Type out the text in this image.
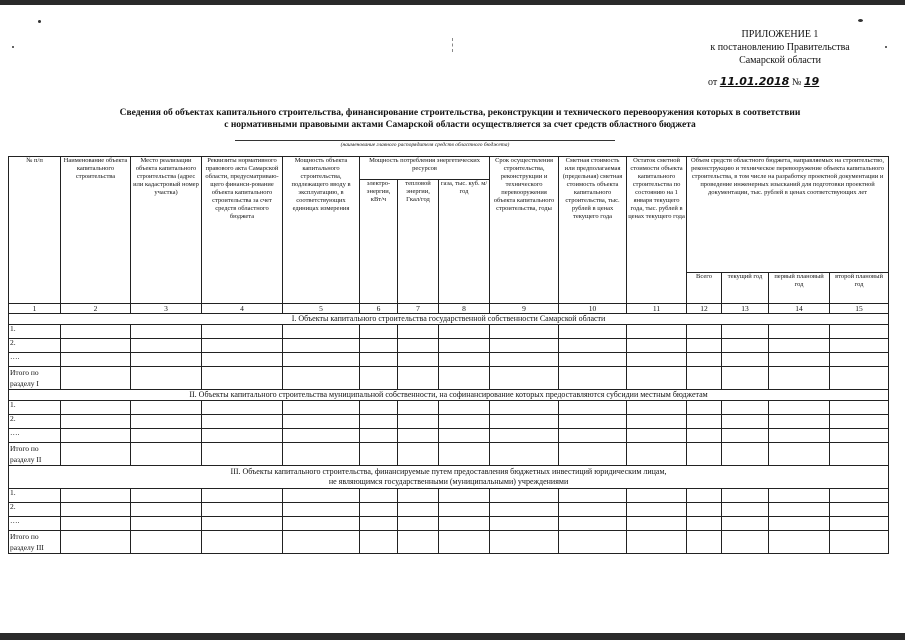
ПРИЛОЖЕНИЕ 1
к постановлению Правительства
Самарской области
от 11.01.2018 № 19
Сведения об объектах капитального строительства, финансирование строительства, реконструкции и технического перевооружения которых в соответствии
с нормативными правовыми актами Самарской области осуществляется за счет средств областного бюджета
(наименование главного распорядителя средств областного бюджета)
№ п/п	Наименование объекта капитального строительства	Место реализации объекта капитального строительства (адрес или кадастровый номер участка)	Реквизиты нормативного правового акта Самарской области, предусматриваю-щего финанси-рование объекта капитального строительства за счет средств областного бюджета	Мощность объекта капитального строительства, подлежащего вводу в эксплуатацию, в соответствующих единицах измерения	Мощность потребления энергетических ресурсов			Срок осуществления строительства, реконструкции и технического перевооружения объекта капитального строительства, годы	Сметная стоимость или предполагаемая (предельная) сметная стоимость объекта капитального строительства, тыс. рублей в ценах текущего года	Остаток сметной стоимости объекта капитального строительства по состоянию на 1 января текущего года, тыс. рублей в ценах текущего года	Объем средств областного бюджета, направляемых на строительство, реконструкцию и техническое перевооружение объекта капитального строительства, в том числе на разработку проектной документации и проведение инженерных изысканий для подготовки проектной документации, тыс. рублей в ценах соответствующих лет			
					электро-энергии, кВт/ч	тепловой энергии, Гкал/год	газа, тыс. куб. м/год							
											Всего	текущий год	первый плановый год	второй плановый год
1	2	3	4	5	6	7	8	9	10	11	12	13	14	15
I. Объекты капитального строительства государственной собственности Самарской области														
1.														
2.														
….														
Итого по разделу I														
II. Объекты капитального строительства муниципальной собственности, на софинансирование которых предоставляются субсидии местным бюджетам														
1.														
2.														
….														
Итого по разделу II														

III. Объекты капитального строительства, финансируемые путем предоставления бюджетных инвестиций юридическим лицам,
не являющимся государственными (муниципальными) учреждениями														

1.														
2.														
….														
Итого по разделу III														
